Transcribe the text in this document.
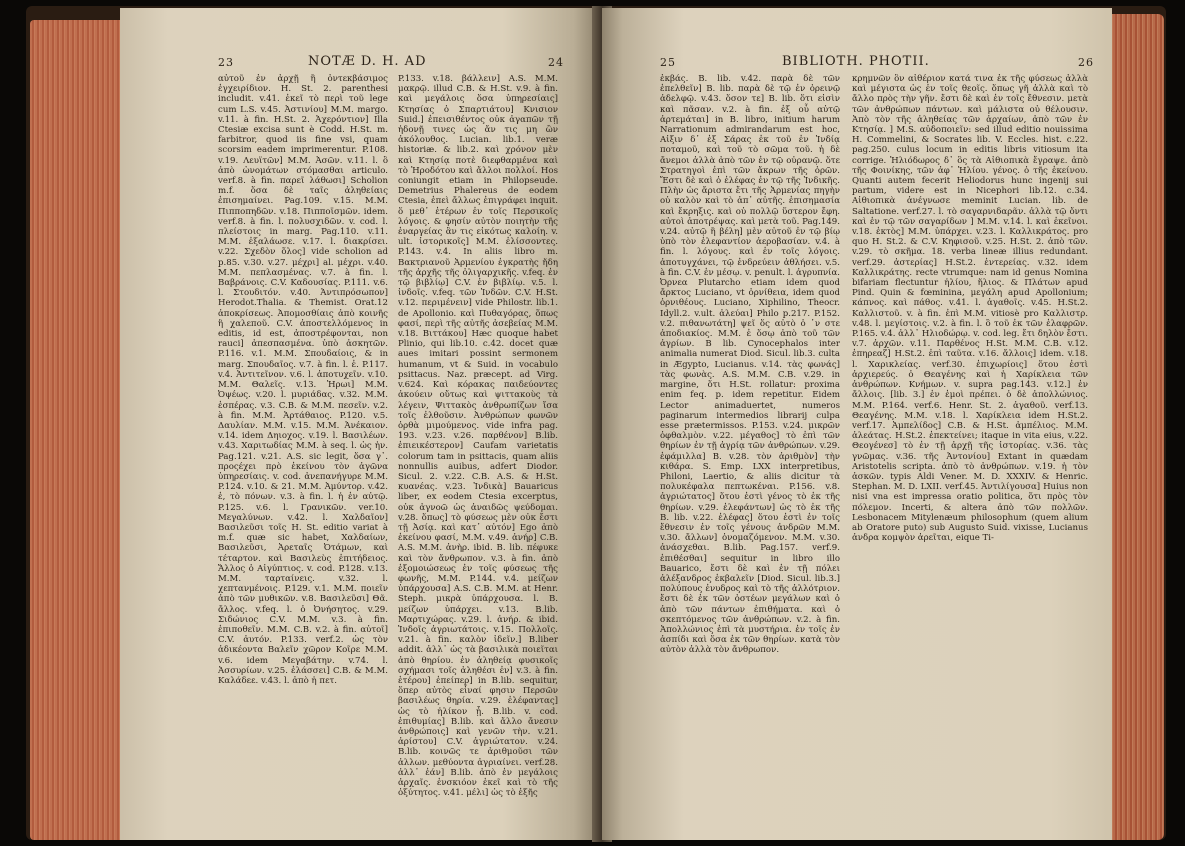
23	NOTÆ D. H. AD	24

αὐτοῦ ἐν ἀρχῇ ἢ ὀντεκβάσιμος ἐγχειρίδιον. H. St. 2. parenthesi includit. v.41. ἐκεῖ τὸ περὶ τοῦ lege cum L.S. v.45. Ἀστινίου] M.M. margo. v.11. à fin. H.St. 2. Ἀχερόντιον] Illa Ctesiæ excisa sunt è Codd. H.St. m. farbitror, quod iis fine vsi, quam scorsim eadem imprimerentur. P.108. v.19. Λευϊτῶν] M.M. Ἀσῶν. v.11. l. ὃ ἀπὸ ὠνομάτων στόμασθαι articulo. verf.8. à fin. παρεῖ λάθωσι] Scholion m.f. ὅσα δὲ ταῖς ἀληθείαις ἐπισημαίνει. Pag.109. v.15. M.M. Πιπποπηδῶν. v.18. Πιπποϊσμῶν. idem. verf.8. à fin. l. πολυσχιδῶν. v. cod. l. πλείστοις in marg. Pag.110. v.11. M.M. ἐξαλάωσε. v.17. l. διακρίσει. v.22. Σχεδὸν ὅλος] vide scholion ad p.85. v.30. v.27. μέχρι] al. μέχρι. v.40. M.M. πεπλασμένας. v.7. à fin. l. Βαβράνοις. C.V. Καδουσίας. P.111. v.6. l. Στουδιτόν. v.40. Ἀντιπρόσωπον] Herodot.Thalia. & Themist. Orat.12 ἀποκρίσεως. Ἀπομοσθίαις ἀπὸ κοινῆς ἢ χαλεποῦ. C.V. ἀποστελλόμενος in editis, id est, ἀποστρέφονται, non rauci] ἀπεσπασμένα. ὑπὸ ἀσκητῶν. P.116. v.1. M.M. Σπουδαίοις, & in marg. Σπουδαῖος. v.7. à fin. l. ἐ. P.117. v.4. Ἀντιτεῖνον. v.6. l. ἀποτυχεῖν. v.10. M.M. Θαλεῖς. v.13. Ἡρωι] M.M. Ὀψέως. v.20. l. μυριάδας. v.32. M.M. ἐσπέρας. v.3. C.B. & M.M. πεσεῖν. v.2. à fin. M.M. Ἀρτάθαιος. P.120. v.5. Δαυλίαν. M.M. v.15. M.M. Ἀνέκαιον. v.14. idem Δηιοχος. v.19. l. Βασιλέων. v.43. Χαριτωδίας M.M. à seq. l. ὡς ἡν. Pag.121. v.21. A.S. sic legit, ὅσα γ᾽. προςέχει πρὸ ἐκείνου τὸν ἀγῶνα ὑπηρεσίαις. v. cod. ἀνεπανήγυρε M.M. P.124. v.10. & 21. M.M. Ἀμύντορ. v.42. ἐ, τὸ πόνων. v.3. à fin. l. ἡ ἐν αὐτῷ. P.125. v.6. l. Γρανικῶν. ver.10. Μεγαλύνων. v.42. l. Χαλδαῖον] Βασιλεῦσι τοῖς H. St. editio variat à m.f. quæ sic habet, Χαλδαίων, Βασιλεῦσι, Ἀρεταῖς Ὀτάμων, καὶ τέταρτον. καὶ Βασιλεὺς ἐπιτήδειος. Ἄλλος ὁ Αἰγύπτιος. v. cod. P.128. v.13. M.M. ταρταίνεις. v.32. l. χεπτανμένοις. P.129. v.1. M.M. ποιεῖν ἀπὸ τῶν μυθικῶν. v.8. Βασιλεῦσι] Θᾶ. ἄλλος. v.feq. l. ὁ Ὀνήσητος. v.29. Σιδώνιος C.V. M.M. v.3. à fin. ἐπιποθεῖν. M.M. C.B. v.2. à fin. αὐτοῖ] C.V. ἀυτόν. P.133. verf.2. ὡς τὸν ἀδικέοντα Βαλεῖν χῶρον Κοῖρε M.M. v.6. idem Μεγαβάτην. v.74. l. Ἀσσυρίων. v.25. ἐλάσσει] C.B. & M.M. Καλάδεε. v.43. l. ἀπὸ ἡ πετ.

P.133. v.18. βάλλειν] A.S. M.M. μακρῷ. illud C.B. & H.St. v.9. à fin. καὶ μεγάλοις ὅσα ὑπηρεσίαις] Κτησίας ὁ Σπαρτιάτου] Κνισιον Suid.] ἐπεισιθέντος οὐκ ἀγαπῶν τῇ ἡδονῇ τινες ὡς ἄν τις μη ὢν ἀκόλουθος. Lucian. lib.1. veræ historiæ. & lib.2. καὶ χρόνον μὲν καὶ Κτησίᾳ ποτὲ διεφθαρμένα καὶ τὸ Ἡροδότου καὶ ἄλλοι πολλοί. Hos coniungit etiam in Philopseude. Demetrius Phalereus de eodem Ctesia, ἐπεὶ ἄλλως ἐπιγράφει inquit. ὅ μεθ᾽ ἑτέρων ἐν τοῖς Περσικοῖς λόγοις. & φησίν αὐτὸν ποιητὴν τῆς ἐναργείας ἂν τις εἰκότως καλοίη. v. ult. ἱστορικοῖς] M.M. ἐλίσσοντες. P.143. v.4. In aliis libro m. Βακτριανοῦ Ἀρμενίου ἐγκρατὴς ἤδη τῆς ἀρχῆς τῆς ὀλιγαρχικῆς. v.feq. ἐν τῷ βιβλίῳ] C.V. ἐν βιβλίῳ. v.5. l. ἰνδοῖς. v.feq. τῶν Ἰνδῶν. C.V. H.St. v.12. περιμένειν] vide Philostr. lib.1. de Apollonio. καὶ Πυθαγόρας, ὅπως φασί, περὶ τῆς αὐτῆς ἀσεβείας M.M. v.18. Βιττάκου] Hæc quoque habet Plinio, qui lib.10. c.42. docet quæ aues imitari possint sermonem humanum, vt & Suid. in vocabulo psittacus. Naz. præcept. ad Virg. v.624. Καὶ κόρακας παιδεύοντες ἀκούειν οὔτως καὶ ψιττακοὺς τὰ λέγειν, Ψιττακὸς ἀνθρωπίζων ἴσα τοῖς ἐλθοῦσιν. Ἀνθρώπων φωνῶν ὀρθὰ μιμούμενος. vide infra pag. 193. v.23. v.26. παρθένον] B.lib. ἐπιεικέστερον] Caufam varietatis colorum tam in psittacis, quam aliis nonnullis auibus, adfert Diodor. Sicul. 2. v.22. C.B. A.S. & H.St. κυανέας. v.23. Ἰνδικὰ] Bauaricus liber, ex eodem Ctesia excerptus, οὐκ ἀγνοῶ ὡς ἀναιδῶς ψεύδομαι. v.28. ὅπως] τὸ φύσεως μὲν οὐκ ἔστι τῇ Ἀσίᾳ. καὶ κατ᾽ αὐτόν] Ego ἀπὸ ἐκείνου φασί, M.M. v.49. ἀνήρ] C.B. A.S. M.M. ἀνὴρ. ibid. B. lib. πέφυκε καὶ τὸν ἄνθρωπον. v.3. à fin. ἀπὸ ἐξομοιώσεως ἐν τοῖς φύσεως τῆς φωνῆς, M.M. P.144. v.4. μείζων ὑπάρχουσα] A.S. C.B. M.M. at Henr. Steph. μικρὰ ὑπάρχουσα. l. B. μείζων ὑπάρχει. v.13. B.lib. Μαρτιχώρας. v.29. l. ἀνήρ. & ibid. Ἰνδοῖς ἀγριωτάτοις. v.15. Πολλοῖς. v.21. à fin. καλὸν ἰδεῖν.] B.liber addit. ἀλλ᾽ ὡς τὰ βασιλικὰ ποιεῖται ἀπὸ θηρίου. ἐν ἀληθείᾳ φυσικοῖς σχήμασι τοῖς ἀληθέσι ἐν] v.3. à fin. ἑτέρου] ἐπείπερ] in B.lib. sequitur, ὅπερ αὐτὸς εἶναί φησιν Περσῶν βασιλέως θηρία. v.29. ἐλέφαντας] ὡς τὸ ἡλίκον ᾗ. B.lib. v. cod. ἐπιθυμίας] B.lib. καὶ ἄλλο ἄνεσιν ἀνθρώποις] καὶ γενῶν τὴν. v.21. ἀρίστου] C.V. ἀγριώτατον. v.24. B.lib. κοινῶς τε ἀριθμοῦσι τῶν ἀλλων. μεθύοντα ἀγριαίνει. verf.28. ἀλλ᾽ ἐάν] B.lib. ἀπὸ ἐν μεγάλοις ἀρχαῖς. ἐνσκιόον ἐκεῖ καὶ τὸ τῆς ὀξύτητος. v.41. μέλι] ὡς τὸ ἑξῆς

25	BIBLIOTH. PHOTII.	26

ἐκβάς. B. lib. v.42. παρὰ δὲ τῶν ἐπελθεῖν] B. lib. παρὰ δὲ τῷ ἐν ὀρεινῷ ἀδελφῷ. v.43. ὅσον τε] B. lib. ὅτι εἰσὶν καὶ πᾶσαν. v.2. à fin. ἐξ οὗ αὐτῷ ἀρτεμάται] in B. libro, initium harum Narrationum admirandarum est hoc, Αἰξιν δ᾽ ἐξ Σάρας ἐκ τοῦ ἐν Ἰνδίᾳ ποταμοῦ, καὶ τοῦ τὸ σῶμα τοῦ. ἡ δὲ ἄνεμοι ἀλλὰ ἀπὸ τῶν ἐν τῷ οὐρανῷ. ὅτε Στρατηγοὶ ἐπὶ τῶν ἄκρων τῆς ὀρῶν. Ἔστι δὲ καὶ ὁ ἐλέφας ἐν τῷ τῆς Ἰνδικῆς. Πλὴν ὡς ἄριστα ἔτι τῆς Ἀρμενίας πηγὴν οὐ καλὸν καὶ τὸ ἀπ᾽ αὐτῆς. ἐπισημασία καὶ ἔκρηξις. καὶ οὐ πολλῷ ὕστερον ἔφη. αὐτοὶ ἀποτρέψας. καὶ μετὰ τοῦ. Pag.149. v.24. αὐτῷ ἢ βέλη] μὲν αὐτοῦ ἐν τῷ βίῳ ὑπὸ τὸν ἐλεφαντίον ἀεροβασίαν. v.4. à fin. l. λόγους. καὶ ἐν τοῖς λόγοις. ἀποτυγχάνει, τῷ ἐνδρεύειν ἀθλήσει. v.5. à fin. C.V. ἐν μέσῳ. v. penult. l. ἀγρυπνία. Ὀρνεα Plutarcho etiam idem quod ἄρκτος Luciano, vt ὀρνίθεια, idem quod ὀρνιθέους. Luciano, Xiphilino, Theocr. Idyll.2. v.ult. ἀλεύαι] Philo p.217. P.152. v.2. πιθανωτάτη] ψεῖ ὅς αὐτὸ ὁ ᾽ν στε ἀποδιακίος. M.M. ἐ ὅσῳ ἀπὸ τοῦ τῶν ἀγρίων. B lib. Cynocephalos inter animalia numerat Diod. Sicul. lib.3. culta in Ægypto, Lucianus. v.14. τὰς φωνάς] τὰς φωνὰς. A.S. M.M. C.B. v.29. in margine, ὅτι H.St. rollatur: proxima enim feq. p. idem repetitur. Eidem Lector animaduertet, numeros paginarum intermedios librarij culpa esse prætermissos. P.153. v.24. μικρῶν ὀφθαλμὸν. v.22. μέγαθος] τὸ ἐπὶ τῶν θηρίων ἐν τῇ ἀγρίᾳ τῶν ἀνθρώπων. v.29. ἐφάμιλλα] B. v.28. τὸν ἀριθμὸν] τὴν κιθάρα. S. Emp. LXX interpretibus, Philoni, Laertio, & aliis dicitur τὰ πολυκέφαλα πεπτωκέναι. P.156. v.8. ἀγριώτατος] ὅτου ἐστὶ γένος τὸ ἐκ τῆς θηρίων. v.29. ἐλεφάντων] ὡς τὸ ἐκ τῆς B. lib. v.22. ἐλέφας] ὅτου ἐστὶ ἐν τοῖς ἔθνεσιν ἐν τοῖς γένους ἀνδρῶν M.M. v.30. ἄλλων] ὁνομαζόμενον. M.M. v.30. ἀνάσχεθαι. B.lib. Pag.157. verf.9. ἐπιθέσθαι] sequitur in libro illo Bauarico, ἔστι δὲ καὶ ἐν τῇ πόλει ἀλέξανδρος ἐκβαλεῖν [Diod. Sicul. lib.3.] πολύπους ἐνυδρος καὶ τὸ τῆς ἀλλότριον. ἔστι δὲ ἐκ τῶν ὀστέων μεγάλων καὶ ὁ ἀπὸ τῶν πάντων ἐπιθήματα. καὶ ὁ σκεπτόμενος τῶν ἀνθρώπων. v.2. à fin. Ἀπολλώνιος ἐπὶ τὰ μυστήρια. ἐν τοῖς ἐν ἀσπίδι καὶ ὅσα ἐκ τῶν θηρίων. κατὰ τὸν αὐτὸν ἀλλὰ τὸν ἄνθρωπον.

κρημνῶν ὃν αἰθέριον κατά τινα ἐκ τῆς φύσεως ἀλλὰ καὶ μέγιστα ὡς ἐν τοῖς θεοῖς. ὅπως γῆ ἀλλὰ καὶ τὸ ἄλλο πρὸς τὴν γῆν. ἔστι δὲ καὶ ἐν τοῖς ἔθνεσιν. μετὰ τῶν ἀνθρώπων πάντων. καὶ μάλιστα οὐ θέλουσιν. Ἀπὸ τὸν τῆς ἀληθείας τῶν ἀρχαίων, ἀπὸ τῶν ἐν Κτησίᾳ. ] M.S. αὐδοποιεῖν: sed illud editio nouissima H. Commelini, & Socrates lib. V. Eccles. hist. c.22. pag.250. culus locum in editis libris vitiosum ita corrige. Ἡλιόδωρος δ᾽ ὃς τὰ Αἰθιοπικὰ ἔγραψε. ἀπὸ τῆς Φοινίκης, τῶν ἀφ᾽ Ἡλίου. γένος. ὁ τῆς ἐκείνου. Quanti autem fecerit Heliodorus hunc ingenij sui partum, videre est in Nicephori lib.12. c.34. Αἰθιοπικὰ ἀνέγνωσε meminit Lucian. lib. de Saltatione. verf.27. l. τὸ σαγαρνιδαρᾶν. ἀλλὰ τῷ ὄντι καὶ ἐν τῷ τῶν σαγαρίδων ] M.M. v.14. l. καὶ ἐκεῖνοι. v.18. ἐκτὸς] M.M. ὑπάρχει. v.23. l. Καλλικράτος. pro quo H. St.2. & C.V. Κηφισοῦ. v.25. H.St. 2. ἀπὸ τῶν. v.29. τὸ σκῆμα. 18. verba lineæ illius redundant. verf.29. ἀστερίας] H.St.2. ἐντερείας. v.32. idem Καλλικράτης. recte vtrumque: nam id genus Nomina bifariam flectuntur ἡλίου, ἥλιος. & Πλάτων apud Pind. Quin & fœminina, μεγάλη apud Apollonium; κάπνος. καὶ πάθος. v.41. l. ἀγαθοῖς. v.45. H.St.2. Καλλιστοῦ. v. à fin. ἐπὶ M.M. vitiosè pro Καλλιστρ. v.48. l. μεγίστοις. v.2. à fin. l. ὃ τοῦ ἐκ τῶν ἐλαφρῶν. P.165. v.4. ἀλλ᾽ Ηλιοδώρῳ. v. cod. leg. ἔτι δηλὸν ἔστι. v.7. ἀρχῶν. v.11. Παρθένος H.St. M.M. C.B. v.12. ἐπηρεαζ] H.St.2. ἐπὶ ταῦτα. v.16. ἄλλοις] idem. v.18. l. Χαρικλείας. verf.30. ἐπιχωρίοις] ὅτου ἐστὶ ἀρχιερεύς. ὁ Θεαγένης καὶ ἡ Χαρίκλεια τῶν ἀνθρώπων. Κνήμων. v. supra pag.143. v.12.] ἐν ἄλλοις. [lib. 3.] ἐν ἐμοὶ πρέπει. ὁ δὲ ἀπολλώνιος. M.M. P.164. verf.6. Henr. St. 2. ἀγαθοῦ. verf.13. Θεαγένης. M.M. v.18. l. Χαρίκλεια idem H.St.2. verf.17. Ἀμπελίδος] C.B. & H.St. ἀμπέλιος. M.M. ἀλεάτας. H.St.2. ἐπεκτείνει; itaque in vita eius, v.22. Θεογένεσ] τὸ ἐν τῇ ἀρχῇ τῆς ἱστορίας. v.36. τὰς γνῶμας. v.36. τῆς Ἀντονίου] Extant in quædam Aristotelis scripta. ἀπὸ τὸ ἀνθρώπων. v.19. ἡ τὸν ἀσκῶν. typis Aldi Vener. M. D. XXXIV. & Henric. Stephan. M. D. LXII. verf.45. Ἀντιλίγουσα] Huius non nisi vna est impressa oratio politica, ὅτι πρὸς τὸν πόλεμον. Incerti, & altera ἀπὸ τῶν πολλῶν. Lesbonacem Mitylenæum philosophum (quem alium ab Oratore puto) sub Augusto Suid. vixisse, Lucianus ἀνδρα κομψὸν ἀρεῖται, eique Ti-
